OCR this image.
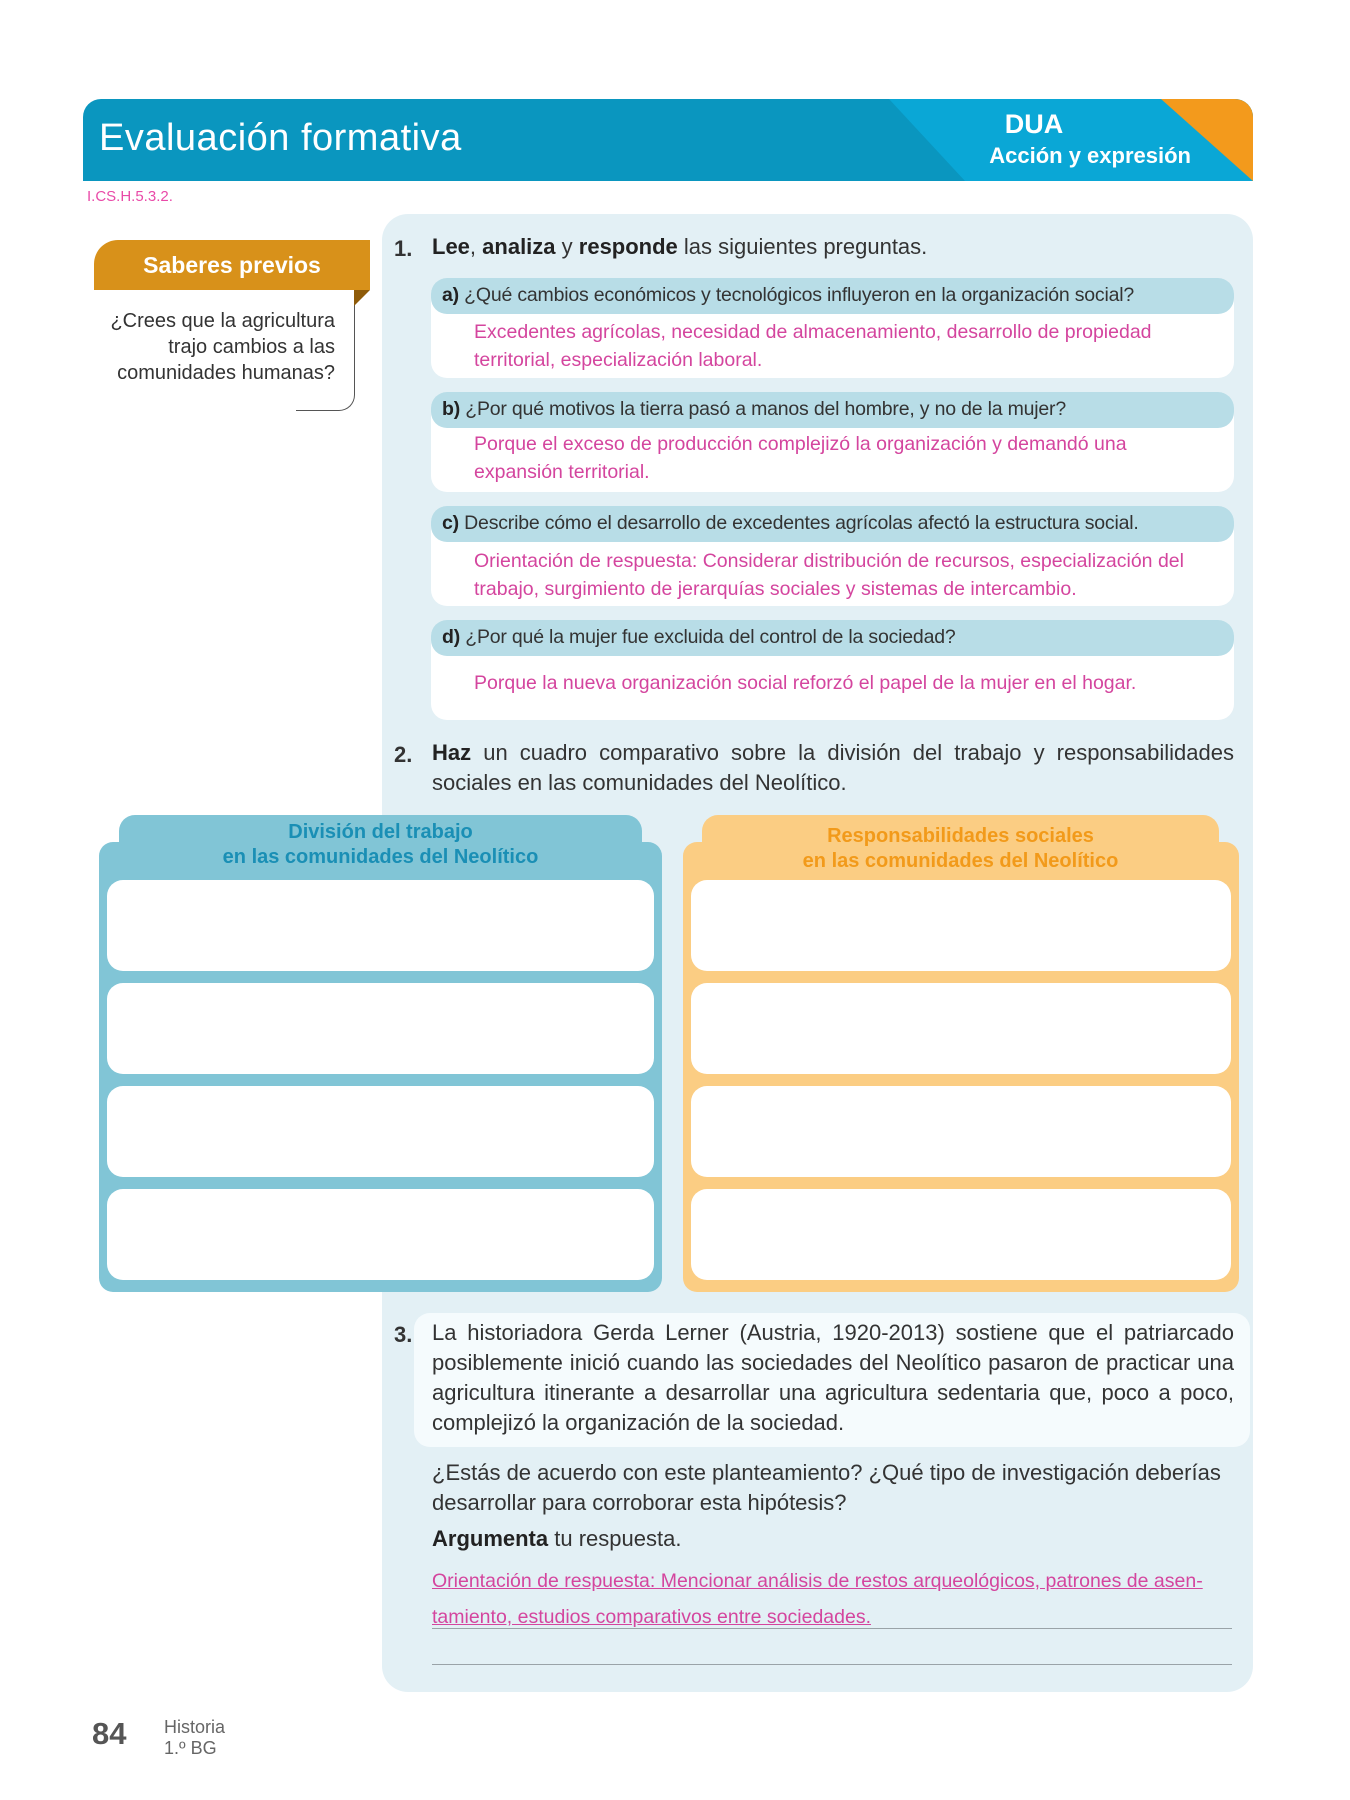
Evaluación formativa	DUA
Acción y expresión
I.CS.H.5.3.2.
Saberes previos
¿Crees que la agricultura trajo cambios a las comunidades humanas?
1. Lee, analiza y responde las siguientes preguntas.
a) ¿Qué cambios económicos y tecnológicos influyeron en la organización social?
Excedentes agrícolas, necesidad de almacenamiento, desarrollo de propiedad territorial, especialización laboral.
b) ¿Por qué motivos la tierra pasó a manos del hombre, y no de la mujer?
Porque el exceso de producción complejizó la organización y demandó una expansión territorial.
c) Describe cómo el desarrollo de excedentes agrícolas afectó la estructura social.
Orientación de respuesta: Considerar distribución de recursos, especialización del trabajo, surgimiento de jerarquías sociales y sistemas de intercambio.
d) ¿Por qué la mujer fue excluida del control de la sociedad?
Porque la nueva organización social reforzó el papel de la mujer en el hogar.
2. Haz un cuadro comparativo sobre la división del trabajo y responsabilidades sociales en las comunidades del Neolítico.
División del trabajo
en las comunidades del Neolítico
Responsabilidades sociales
en las comunidades del Neolítico
3. La historiadora Gerda Lerner (Austria, 1920-2013) sostiene que el patriarcado posiblemente inició cuando las sociedades del Neolítico pasaron de practicar una agricultura itinerante a desarrollar una agricultura sedentaria que, poco a poco, complejizó la organización de la sociedad.
¿Estás de acuerdo con este planteamiento? ¿Qué tipo de investigación deberías desarrollar para corroborar esta hipótesis?
Argumenta tu respuesta.
Orientación de respuesta: Mencionar análisis de restos arqueológicos, patrones de asen-
tamiento, estudios comparativos entre sociedades.
84 Historia
1.º BG
